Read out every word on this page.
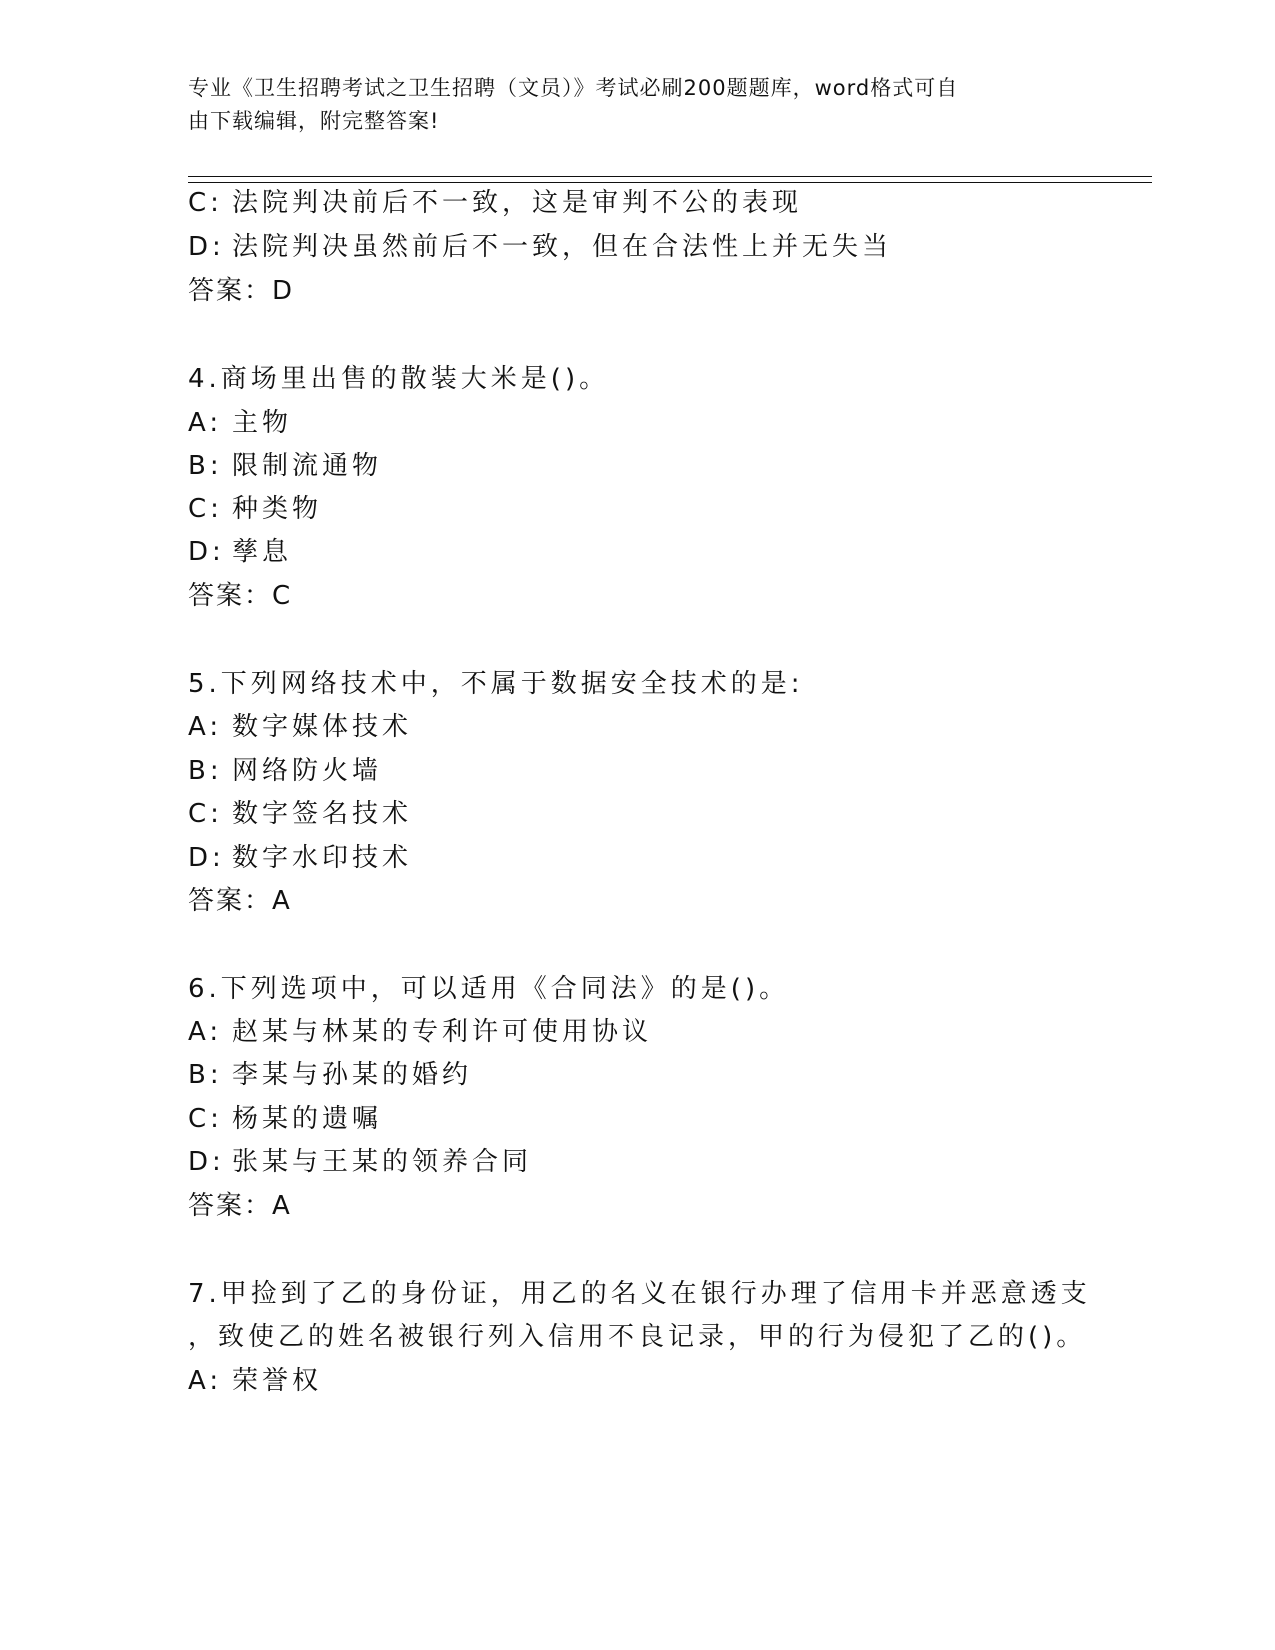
专业《卫生招聘考试之卫生招聘（文员）》考试必刷200题题库，word格式可自
由下载编辑，附完整答案!
C: 法院判决前后不一致，这是审判不公的表现
D: 法院判决虽然前后不一致，但在合法性上并无失当
答案：D
4.商场里出售的散装大米是()。
A: 主物
B: 限制流通物
C: 种类物
D: 孳息
答案：C
5.下列网络技术中，不属于数据安全技术的是:
A: 数字媒体技术
B: 网络防火墙
C: 数字签名技术
D: 数字水印技术
答案：A
6.下列选项中，可以适用《合同法》的是()。
A: 赵某与林某的专利许可使用协议
B: 李某与孙某的婚约
C: 杨某的遗嘱
D: 张某与王某的领养合同
答案：A
7.甲捡到了乙的身份证，用乙的名义在银行办理了信用卡并恶意透支
，致使乙的姓名被银行列入信用不良记录，甲的行为侵犯了乙的()。
A: 荣誉权
